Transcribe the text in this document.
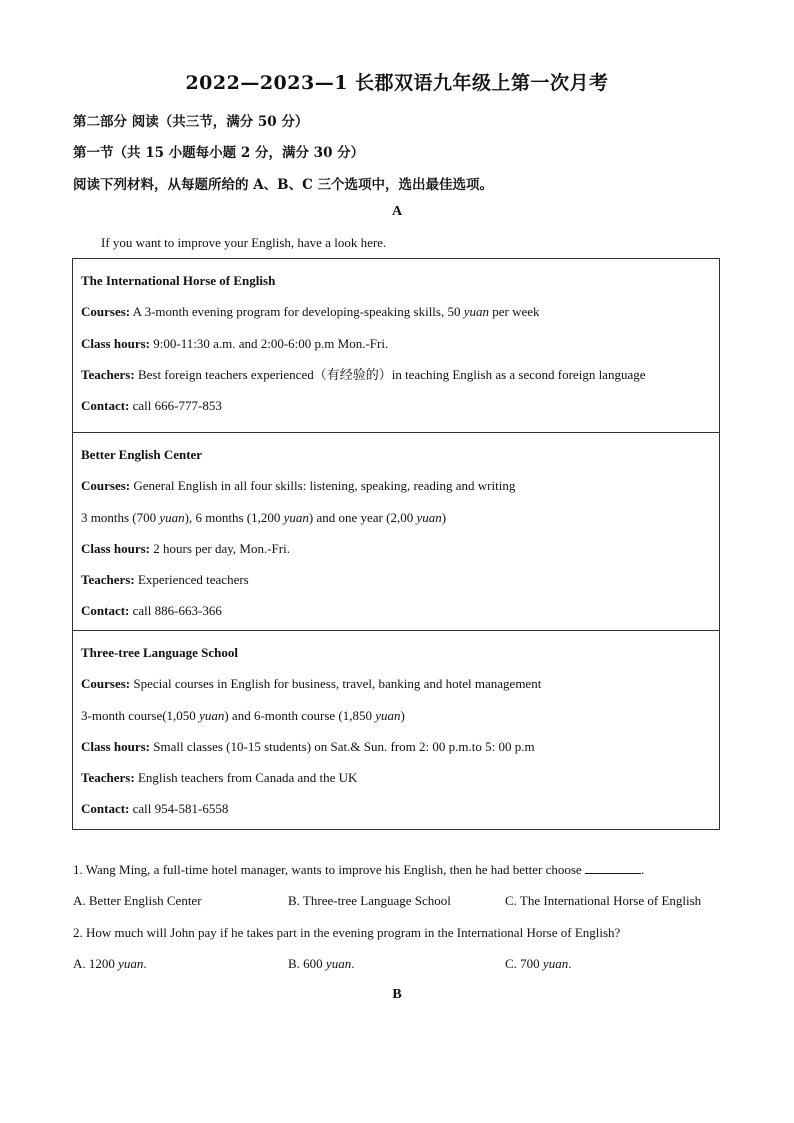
2022—2023—1 长郡双语九年级上第一次月考
第二部分 阅读（共三节，满分 50 分）
第一节（共 15 小题每小题 2 分，满分 30 分）
阅读下列材料，从每题所给的 A、B、C 三个选项中，选出最佳选项。
A
If you want to improve your English, have a look here.
The International Horse of English
Courses: A 3-month evening program for developing-speaking skills, 50 yuan per week
Class hours: 9:00-11:30 a.m. and 2:00-6:00 p.m Mon.-Fri.
Teachers: Best foreign teachers experienced（有经验的）in teaching English as a second foreign language
Contact: call 666-777-853
Better English Center
Courses: General English in all four skills: listening, speaking, reading and writing
3 months (700 yuan), 6 months (1,200 yuan) and one year (2,00 yuan)
Class hours: 2 hours per day, Mon.-Fri.
Teachers: Experienced teachers
Contact: call 886-663-366
Three-tree Language School
Courses: Special courses in English for business, travel, banking and hotel management
3-month course(1,050 yuan) and 6-month course (1,850 yuan)
Class hours: Small classes (10-15 students) on Sat.& Sun. from 2: 00 p.m.to 5: 00 p.m
Teachers: English teachers from Canada and the UK
Contact: call 954-581-6558
1. Wang Ming, a full-time hotel manager, wants to improve his English, then he had better choose	.
A. Better English Center	B. Three-tree Language School	C. The International Horse of English
2. How much will John pay if he takes part in the evening program in the International Horse of English?
A. 1200 yuan.	B. 600 yuan.	C. 700 yuan.
B
